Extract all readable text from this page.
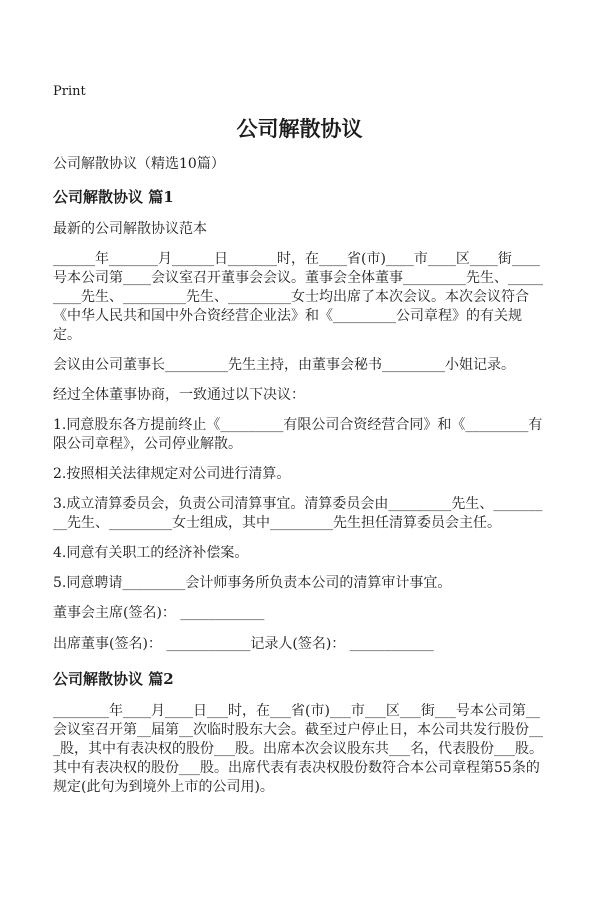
Print
公司解散协议

公司解散协议（精选10篇）

公司解散协议 篇1

最新的公司解散协议范本

______年_______月______日_______时，在____省(市)____市____区____街____号本公司第____会议室召开董事会会议。董事会全体董事_________先生、_________先生、_________先生、_________女士均出席了本次会议。本次会议符合《中华人民共和国中外合资经营企业法》和《_________公司章程》的有关规定。

会议由公司董事长_________先生主持，由董事会秘书_________小姐记录。

经过全体董事协商，一致通过以下决议：

1.同意股东各方提前终止《_________有限公司合资经营合同》和《_________有限公司章程》，公司停业解散。

2.按照相关法律规定对公司进行清算。

3.成立清算委员会，负责公司清算事宜。清算委员会由_________先生、_________先生、_________女士组成，其中_________先生担任清算委员会主任。

4.同意有关职工的经济补偿案。

5.同意聘请_________会计师事务所负责本公司的清算审计事宜。

董事会主席(签名)： ____________

出席董事(签名)： ____________记录人(签名)： ____________

公司解散协议 篇2

________年____月____日___时，在___省(市)___市___区___街___号本公司第__会议室召开第__届第__次临时股东大会。截至过户停止日，本公司共发行股份___股，其中有表决权的股份___股。出席本次会议股东共___名，代表股份___股。其中有表决权的股份___股。出席代表有表决权股份数符合本公司章程第55条的规定(此句为到境外上市的公司用)。
